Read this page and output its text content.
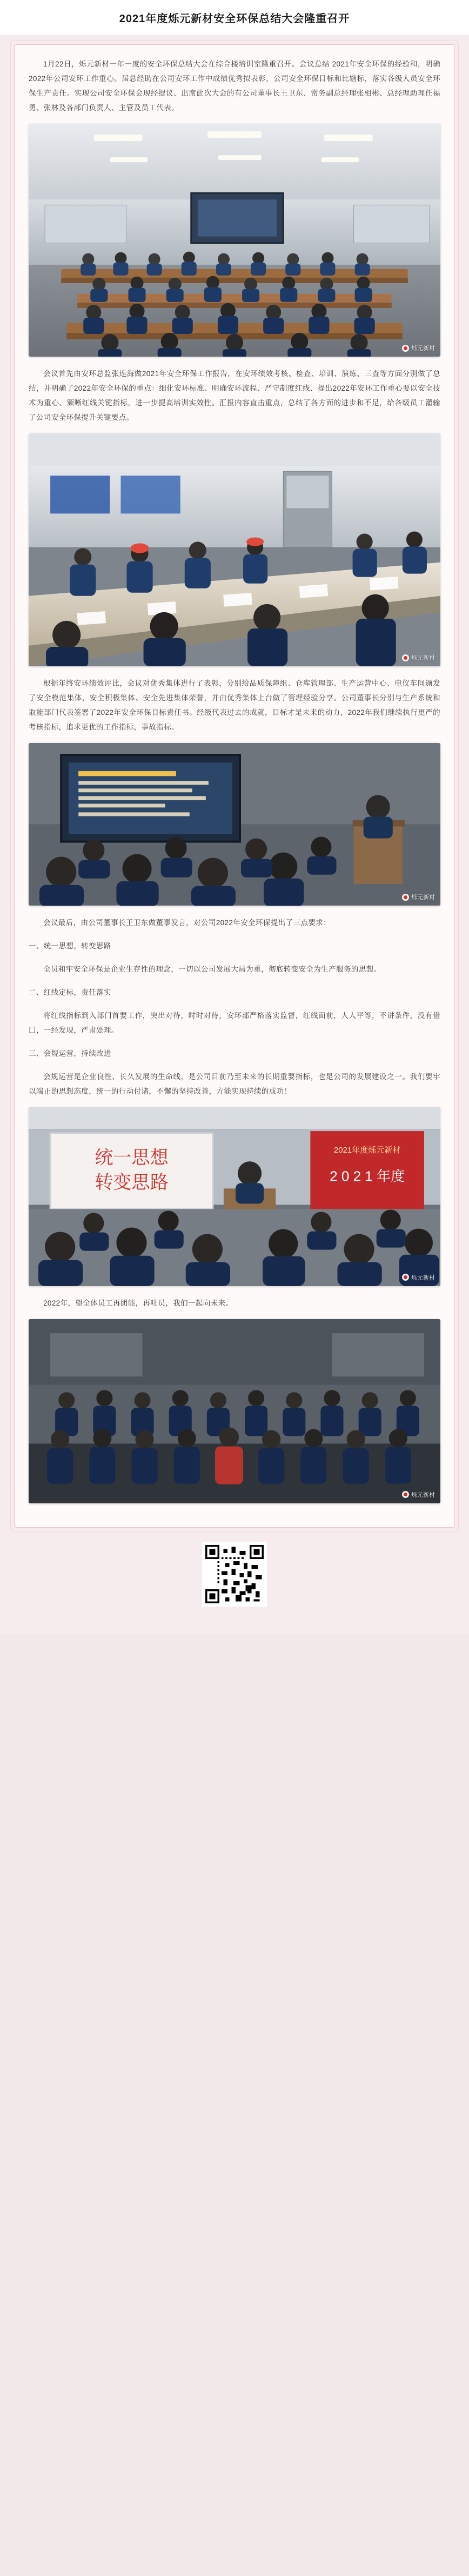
2021年度烁元新材安全环保总结大会隆重召开

1月22日，烁元新材一年一度的安全环保总结大会在综合楼培训室隆重召开。会议总结 2021年安全环保的经验和，明确2022年公司安环工作重心。届总经助在公司安环工作中成绩优秀拟表彰，公司安全环保目标和比辖标，落实各级人员安全环保生产责任。实现公司安全环保会现经提议、出席此次大会的有公司董事长王卫东、常务副总经理张相彬、总经理助理任福勇、张林及各部门负责人、主管及员工代表。

烁元新材

会议首先由安环总监张连海做2021年安全环保工作报告，在安环绩效考核、检查、培训、演练、三查等方面分别做了总结，并明确了2022年安全环保的重点：细化安环标准、明确安环流程、严守制度红线、提出2022年安环工作重心要以安全技术为重心、颁晰红线关键指标，进一步提高培训实效性。汇报内容直击重点，总结了各方面的进步和不足，给各级员工灌输了公司安全环保提升关键要点。

烁元新材

根据年终安环绩效评比，会议对优秀集体进行了表彰，分别给品质保障组、仓库管理部、生产运营中心、电仪车间颁发了安全模范集体，安全积极集体、安全先进集体荣誉，并由优秀集体上台做了管理经验分享。公司董事长分别与生产系统和取能部门代表签署了2022年安全环保目标责任书。经级代表过去的成就，目标才是未来的动力，2022年我们继续执行更严的考核指标，追求更优的工作指标，事故指标。

烁元新材

会议最后，由公司董事长王卫东做董事发言，对公司2022年安全环保提出了三点要求：

一、统一思想，转变思路

全员和牢安全环保是企业生存性的理念，一切以公司发展大局为重，彻底转变安全为生产服务的思想。

二、红线定标，责任落实

将红线指标到入部门首要工作，突出对待，时时对待，安环部严格落实监督，红线面前，人人平等，不讲条件，没有借囗，一经发现，严肃处理。

三、会规运营，持续改进

会规运营是企业良性、长久发展的生命线，是公司目前乃至未来的长期重要指标，也是公司的发展建设之一。我们要牢以端正的思想态度，统一的行动付诸，不懈的坚持改善，方能实现持续的成功！

统一思想
转变思路
2021年度烁元新材
2 0 2 1 年度
烁元新材

2022年，望全体员工再团能，再吐员，我们一起向未来。

烁元新材
